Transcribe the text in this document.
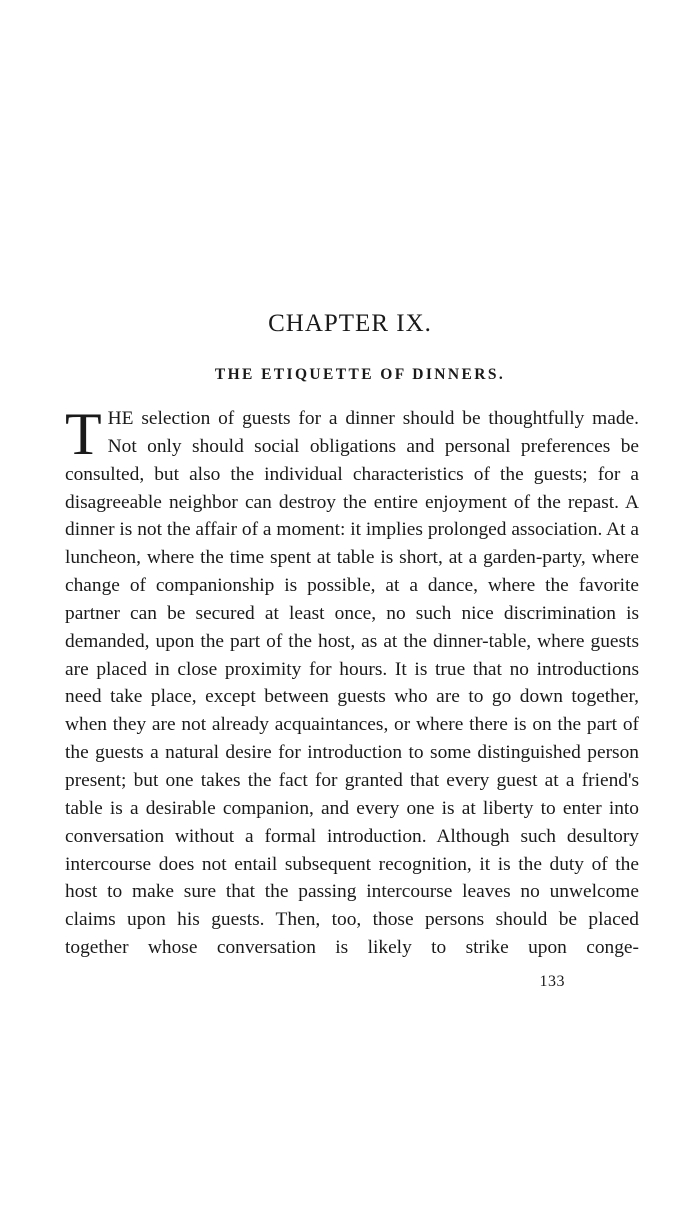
CHAPTER IX.
THE ETIQUETTE OF DINNERS.

THE selection of guests for a dinner should be thoughtfully made. Not only should social obligations and personal preferences be consulted, but also the individual characteristics of the guests; for a disagreeable neighbor can destroy the entire enjoyment of the repast. A dinner is not the affair of a moment: it implies prolonged association. At a luncheon, where the time spent at table is short, at a garden-party, where change of companionship is possible, at a dance, where the favorite partner can be secured at least once, no such nice discrimination is demanded, upon the part of the host, as at the dinner-table, where guests are placed in close proximity for hours. It is true that no introductions need take place, except between guests who are to go down together, when they are not already acquaintances, or where there is on the part of the guests a natural desire for introduction to some distinguished person present; but one takes the fact for granted that every guest at a friend's table is a desirable companion, and every one is at liberty to enter into conversation without a formal introduction. Although such desultory intercourse does not entail subsequent recognition, it is the duty of the host to make sure that the passing intercourse leaves no unwelcome claims upon his guests. Then, too, those persons should be placed together whose conversation is likely to strike upon conge-

133
